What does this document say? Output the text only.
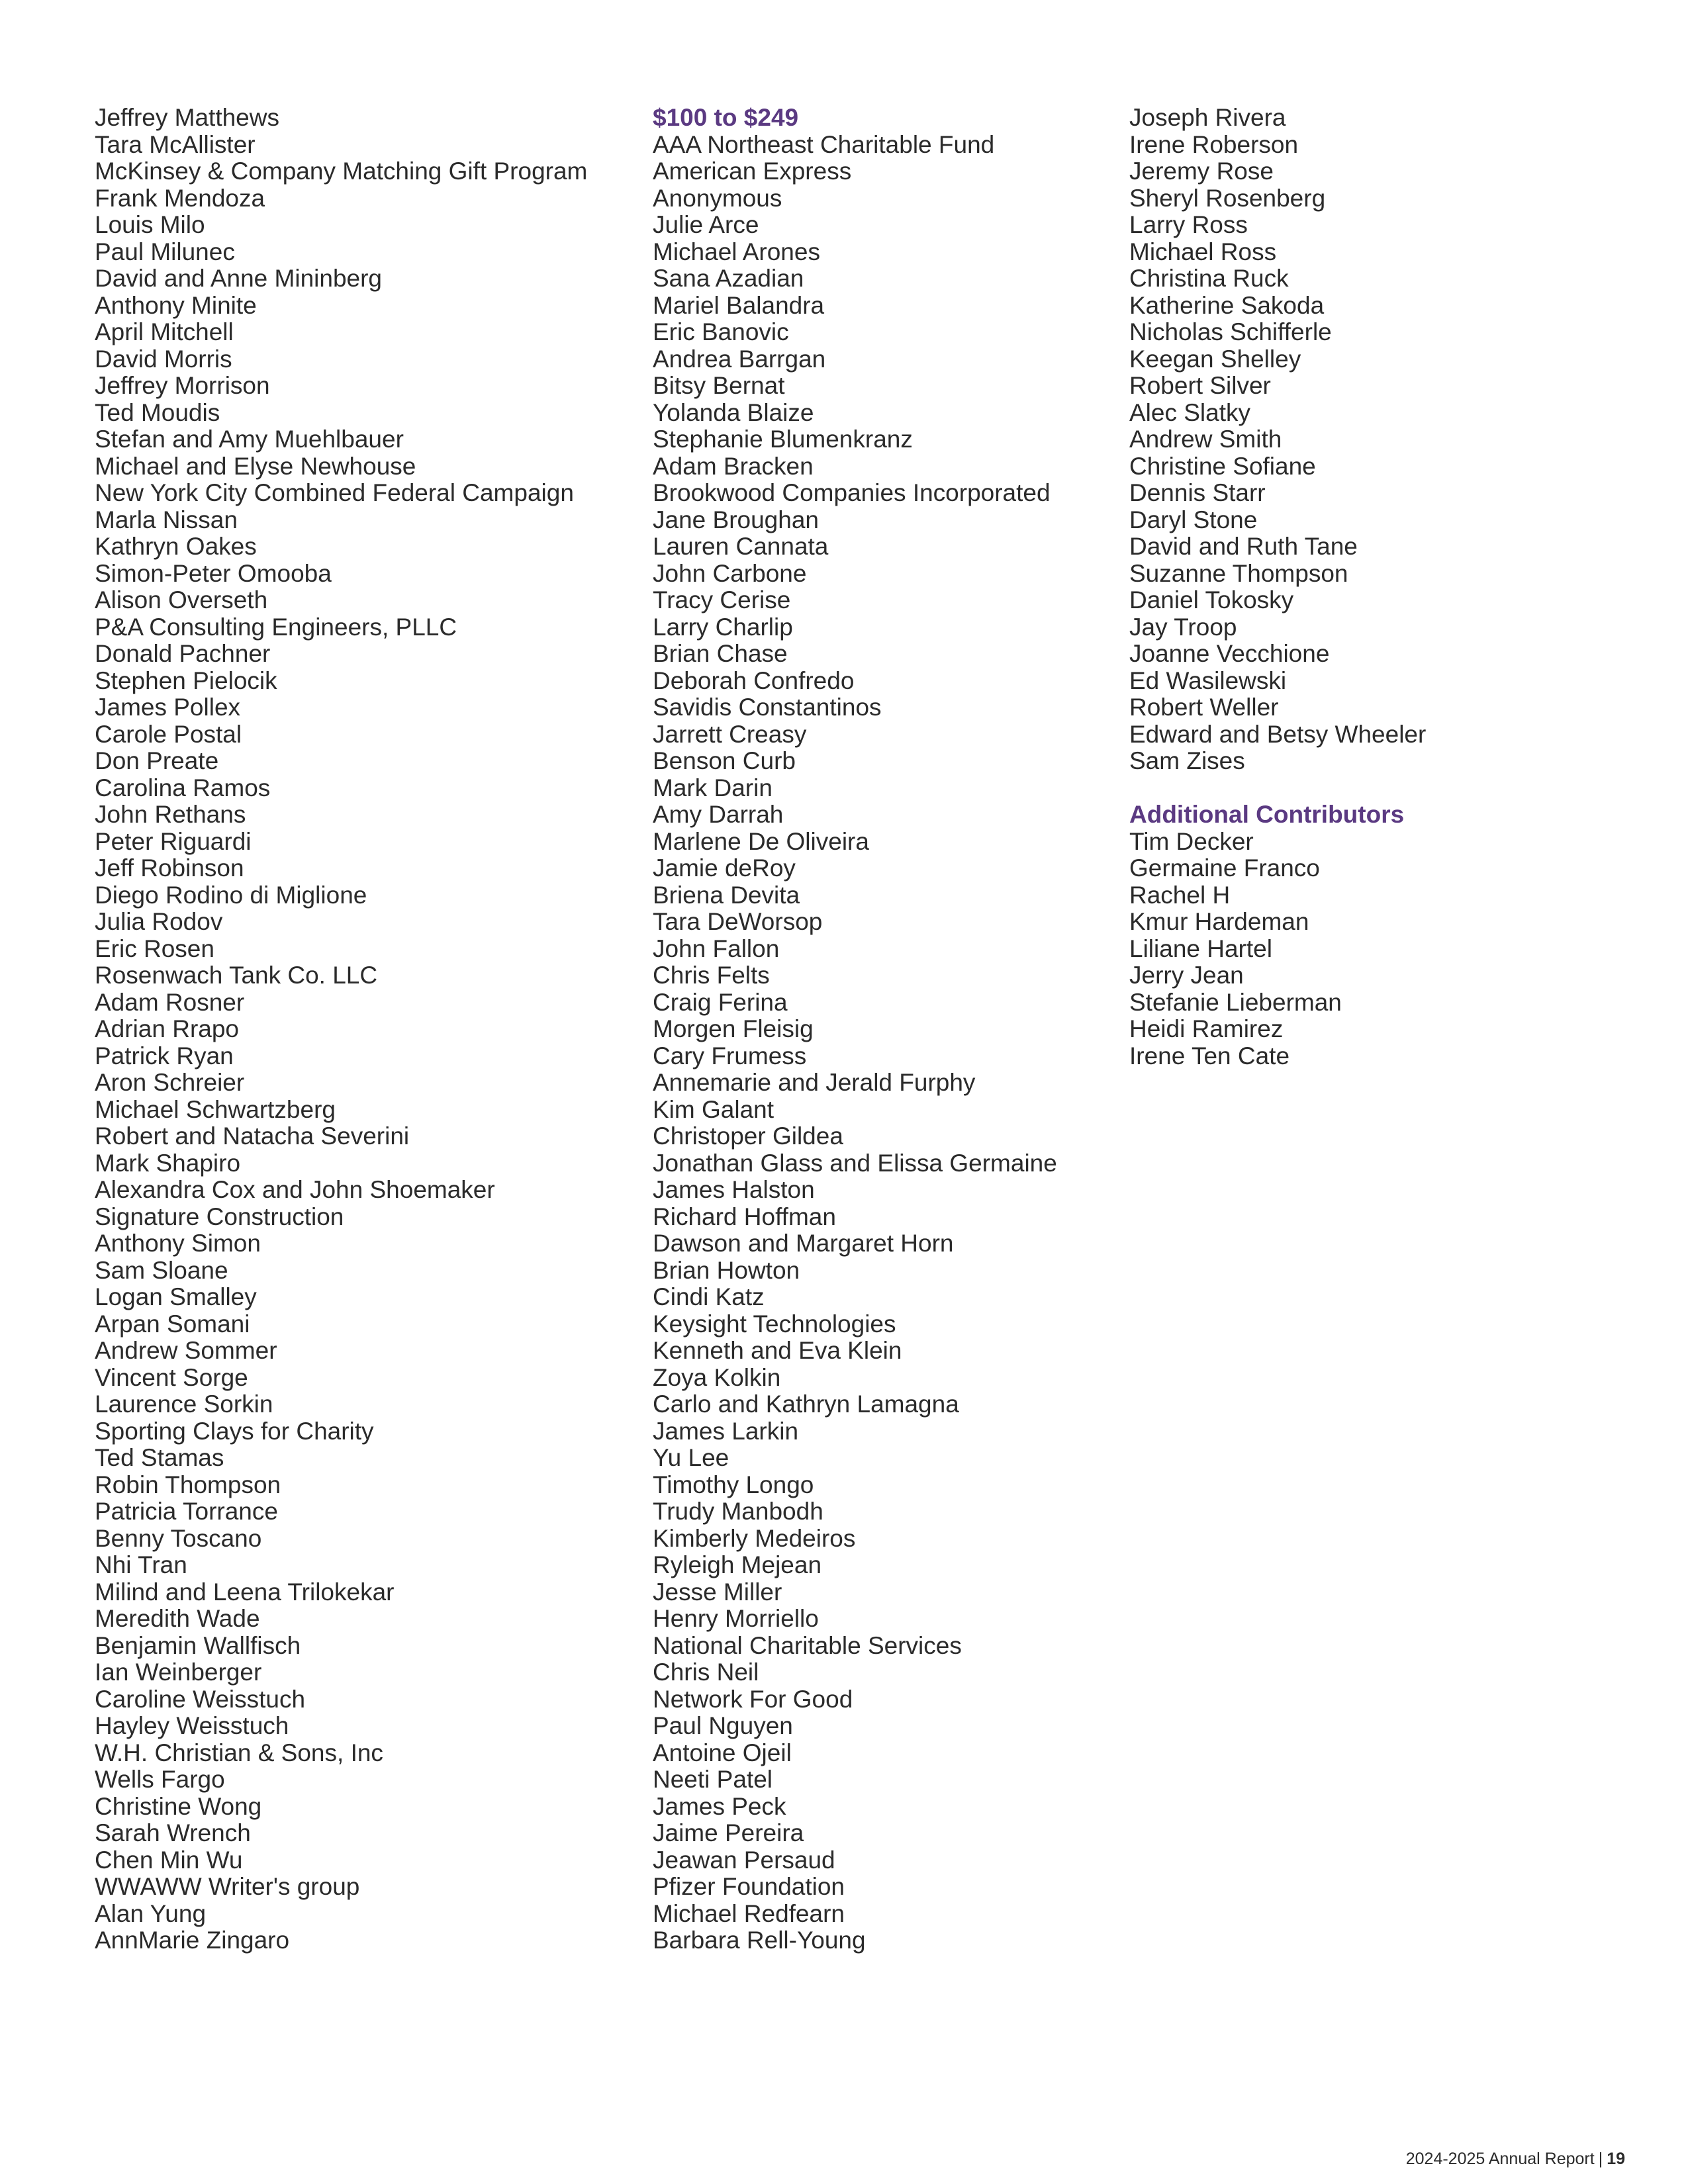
Jeffrey Matthews
Tara McAllister
McKinsey & Company Matching Gift Program
Frank Mendoza
Louis Milo
Paul Milunec
David and Anne Mininberg
Anthony Minite
April Mitchell
David Morris
Jeffrey Morrison
Ted Moudis
Stefan and Amy Muehlbauer
Michael and Elyse Newhouse
New York City Combined Federal Campaign
Marla Nissan
Kathryn Oakes
Simon-Peter Omooba
Alison Overseth
P&A Consulting Engineers, PLLC
Donald Pachner
Stephen Pielocik
James Pollex
Carole Postal
Don Preate
Carolina Ramos
John Rethans
Peter Riguardi
Jeff Robinson
Diego Rodino di Miglione
Julia Rodov
Eric Rosen
Rosenwach Tank Co. LLC
Adam Rosner
Adrian Rrapo
Patrick Ryan
Aron Schreier
Michael Schwartzberg
Robert and Natacha Severini
Mark Shapiro
Alexandra Cox and John Shoemaker
Signature Construction
Anthony Simon
Sam Sloane
Logan Smalley
Arpan Somani
Andrew Sommer
Vincent Sorge
Laurence Sorkin
Sporting Clays for Charity
Ted Stamas
Robin Thompson
Patricia Torrance
Benny Toscano
Nhi Tran
Milind and Leena Trilokekar
Meredith Wade
Benjamin Wallfisch
Ian Weinberger
Caroline Weisstuch
Hayley Weisstuch
W.H. Christian & Sons, Inc
Wells Fargo
Christine Wong
Sarah Wrench
Chen Min Wu
WWAWW Writer's group
Alan Yung
AnnMarie Zingaro
$100 to $249
AAA Northeast Charitable Fund
American Express
Anonymous
Julie Arce
Michael Arones
Sana Azadian
Mariel Balandra
Eric Banovic
Andrea Barrgan
Bitsy Bernat
Yolanda Blaize
Stephanie Blumenkranz
Adam Bracken
Brookwood Companies Incorporated
Jane Broughan
Lauren Cannata
John Carbone
Tracy Cerise
Larry Charlip
Brian Chase
Deborah Confredo
Savidis Constantinos
Jarrett Creasy
Benson Curb
Mark Darin
Amy Darrah
Marlene De Oliveira
Jamie deRoy
Briena Devita
Tara DeWorsop
John Fallon
Chris Felts
Craig Ferina
Morgen Fleisig
Cary Frumess
Annemarie and Jerald Furphy
Kim Galant
Christoper Gildea
Jonathan Glass and Elissa Germaine
James Halston
Richard Hoffman
Dawson and Margaret Horn
Brian Howton
Cindi Katz
Keysight Technologies
Kenneth and Eva Klein
Zoya Kolkin
Carlo and Kathryn Lamagna
James Larkin
Yu Lee
Timothy Longo
Trudy Manbodh
Kimberly Medeiros
Ryleigh Mejean
Jesse Miller
Henry Morriello
National Charitable Services
Chris Neil
Network For Good
Paul Nguyen
Antoine Ojeil
Neeti Patel
James Peck
Jaime Pereira
Jeawan Persaud
Pfizer Foundation
Michael Redfearn
Barbara Rell-Young
Joseph Rivera
Irene Roberson
Jeremy Rose
Sheryl Rosenberg
Larry Ross
Michael Ross
Christina Ruck
Katherine Sakoda
Nicholas Schifferle
Keegan Shelley
Robert Silver
Alec Slatky
Andrew Smith
Christine Sofiane
Dennis Starr
Daryl Stone
David and Ruth Tane
Suzanne Thompson
Daniel Tokosky
Jay Troop
Joanne Vecchione
Ed Wasilewski
Robert Weller
Edward and Betsy Wheeler
Sam Zises
Additional Contributors
Tim Decker
Germaine Franco
Rachel H
Kmur Hardeman
Liliane Hartel
Jerry Jean
Stefanie Lieberman
Heidi Ramirez
Irene Ten Cate
2024-2025 Annual Report | 19
